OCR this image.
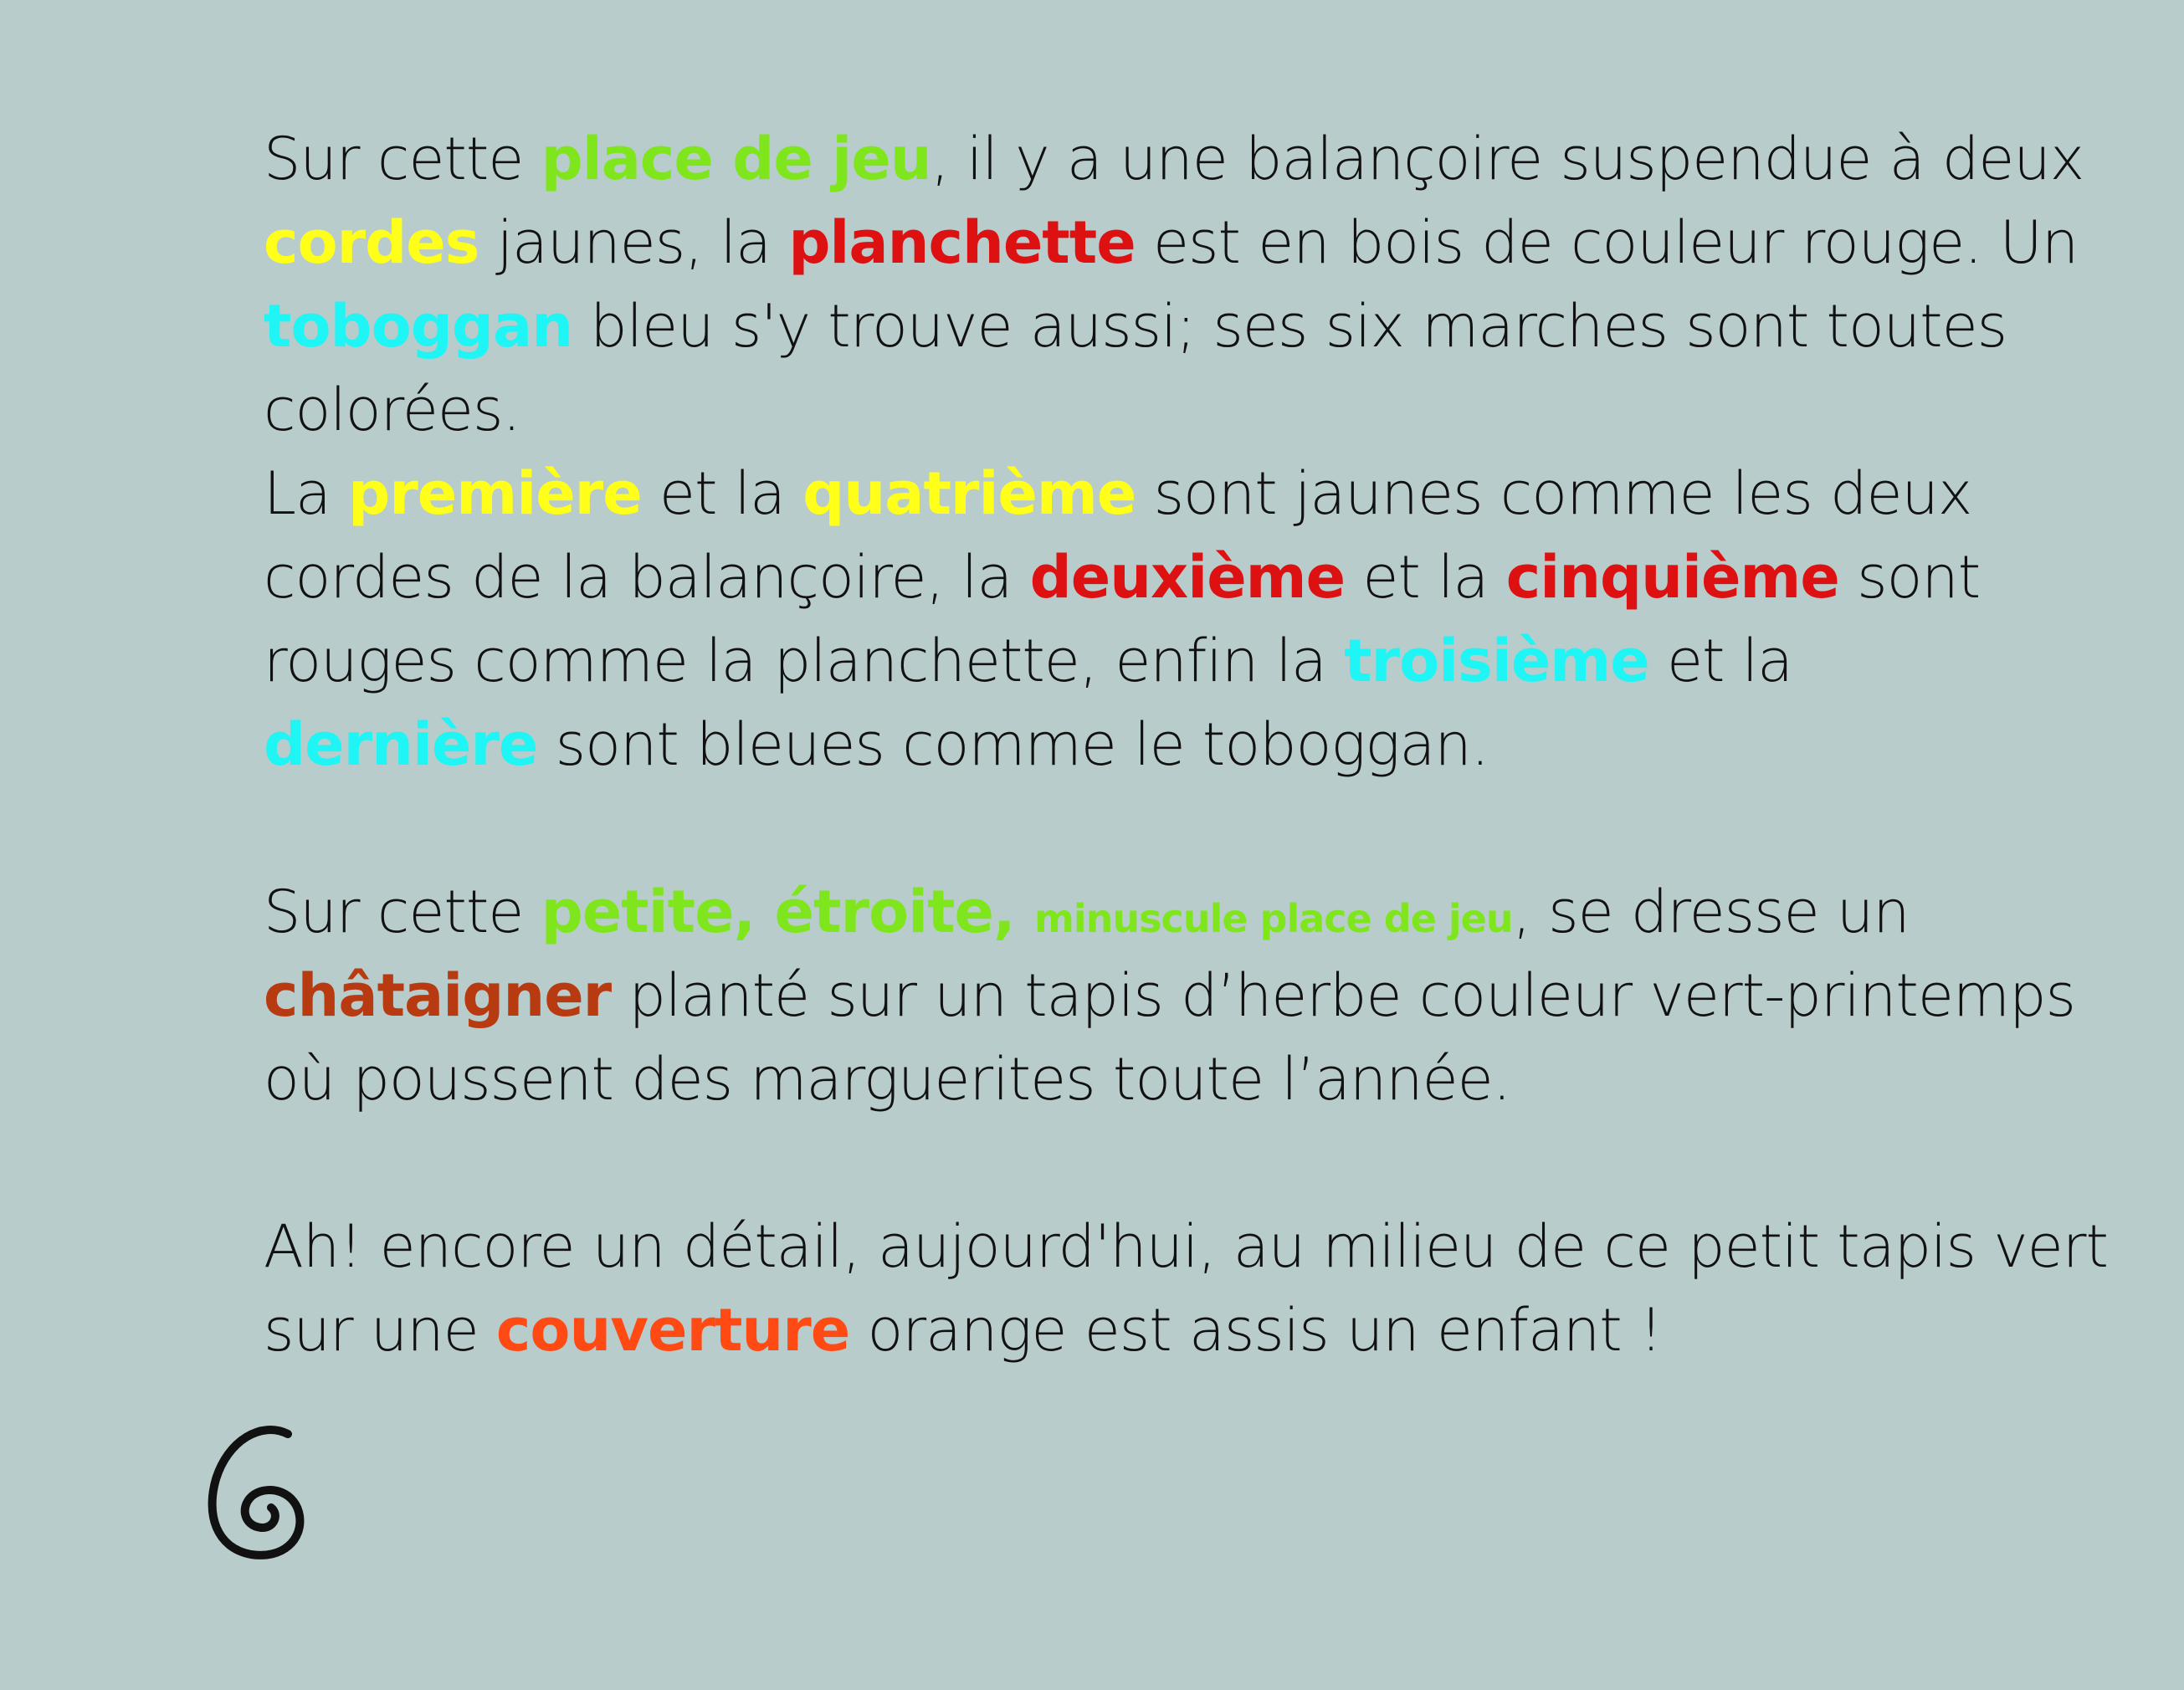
Sur cette place de jeu, il y a une balançoire suspendue à deux
cordes jaunes, la planchette est en bois de couleur rouge. Un
toboggan bleu s'y trouve aussi; ses six marches sont toutes
colorées.
La première et la quatrième sont jaunes comme les deux
cordes de la balançoire, la deuxième et la cinquième sont
rouges comme la planchette, enfin la troisième et la
dernière sont bleues comme le toboggan.
Sur cette petite, étroite, minuscule place de jeu, se dresse un
châtaigner planté sur un tapis d’herbe couleur vert-printemps
où poussent des marguerites toute l’année.
Ah! encore un détail, aujourd'hui, au milieu de ce petit tapis vert
sur une couverture orange est assis un enfant !
